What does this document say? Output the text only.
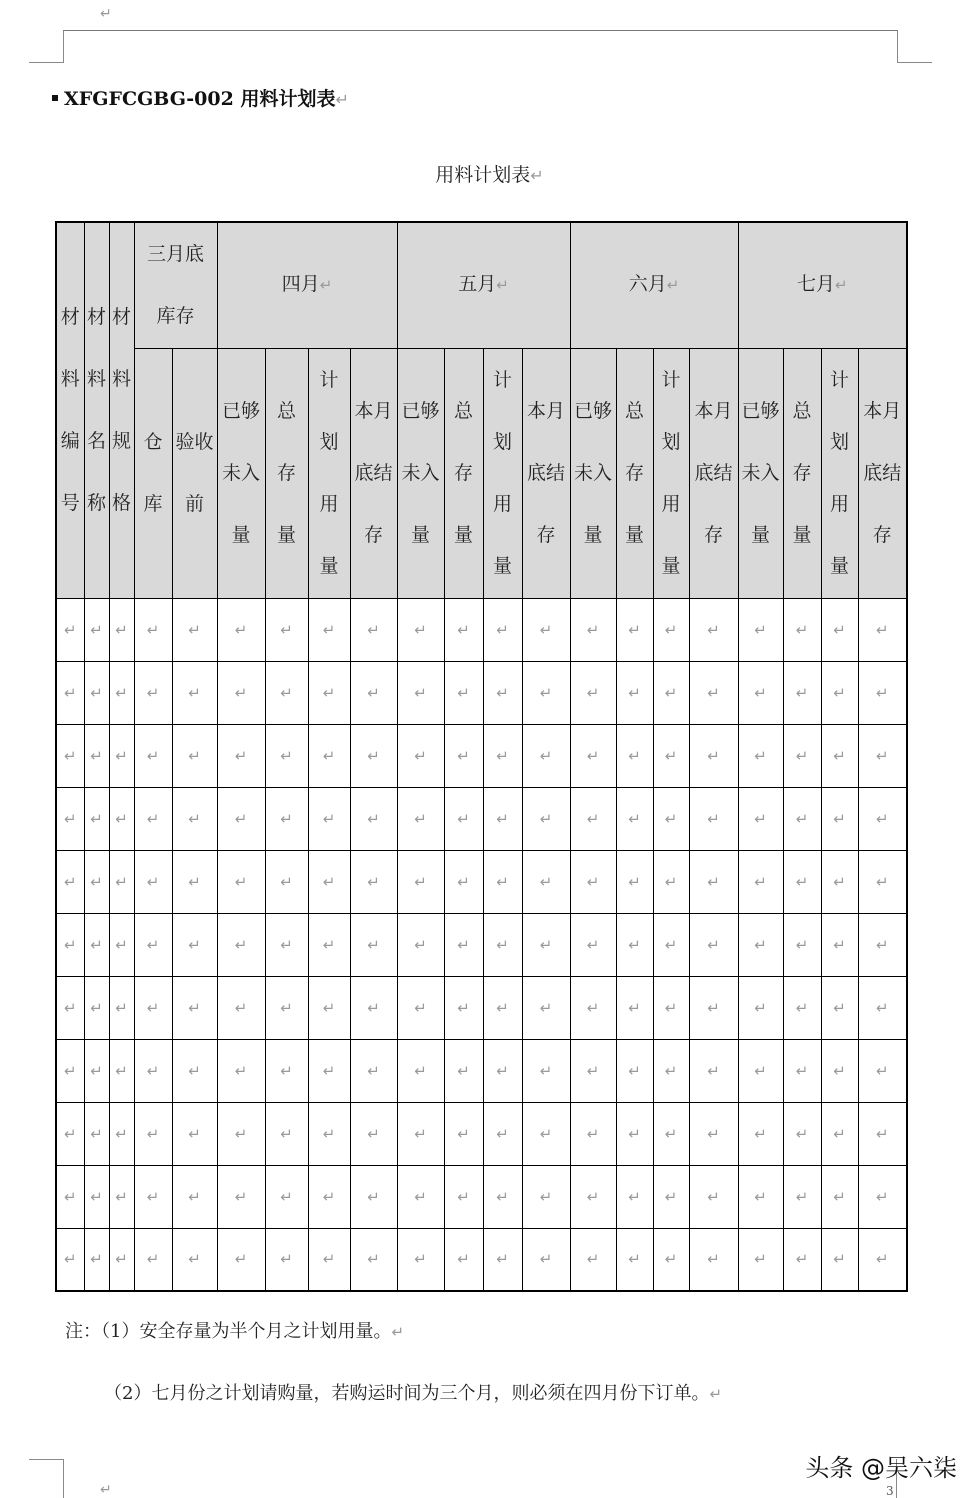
↵
XFGFCGBG-002 用料计划表↵
用料计划表↵
材料编号	材料名称	材料规格	三月底库存		四月↵				五月↵				六月↵				七月↵			
			仓库	验收前	已够未入量	总存量	计划用量	本月底结存	已够未入量	总存量	计划用量	本月底结存	已够未入量	总存量	计划用量	本月底结存	已够未入量	总存量	计划用量	本月底结存
↵	↵	↵	↵	↵	↵	↵	↵	↵	↵	↵	↵	↵	↵	↵	↵	↵	↵	↵	↵	↵
↵	↵	↵	↵	↵	↵	↵	↵	↵	↵	↵	↵	↵	↵	↵	↵	↵	↵	↵	↵	↵
↵	↵	↵	↵	↵	↵	↵	↵	↵	↵	↵	↵	↵	↵	↵	↵	↵	↵	↵	↵	↵
↵	↵	↵	↵	↵	↵	↵	↵	↵	↵	↵	↵	↵	↵	↵	↵	↵	↵	↵	↵	↵
↵	↵	↵	↵	↵	↵	↵	↵	↵	↵	↵	↵	↵	↵	↵	↵	↵	↵	↵	↵	↵
↵	↵	↵	↵	↵	↵	↵	↵	↵	↵	↵	↵	↵	↵	↵	↵	↵	↵	↵	↵	↵
↵	↵	↵	↵	↵	↵	↵	↵	↵	↵	↵	↵	↵	↵	↵	↵	↵	↵	↵	↵	↵
↵	↵	↵	↵	↵	↵	↵	↵	↵	↵	↵	↵	↵	↵	↵	↵	↵	↵	↵	↵	↵
↵	↵	↵	↵	↵	↵	↵	↵	↵	↵	↵	↵	↵	↵	↵	↵	↵	↵	↵	↵	↵
↵	↵	↵	↵	↵	↵	↵	↵	↵	↵	↵	↵	↵	↵	↵	↵	↵	↵	↵	↵	↵
↵	↵	↵	↵	↵	↵	↵	↵	↵	↵	↵	↵	↵	↵	↵	↵	↵	↵	↵	↵	↵
注：（1）安全存量为半个月之计划用量。↵
（2）七月份之计划请购量，若购运时间为三个月，则必须在四月份下订单。↵
↵
头条 @吴六柒
3
